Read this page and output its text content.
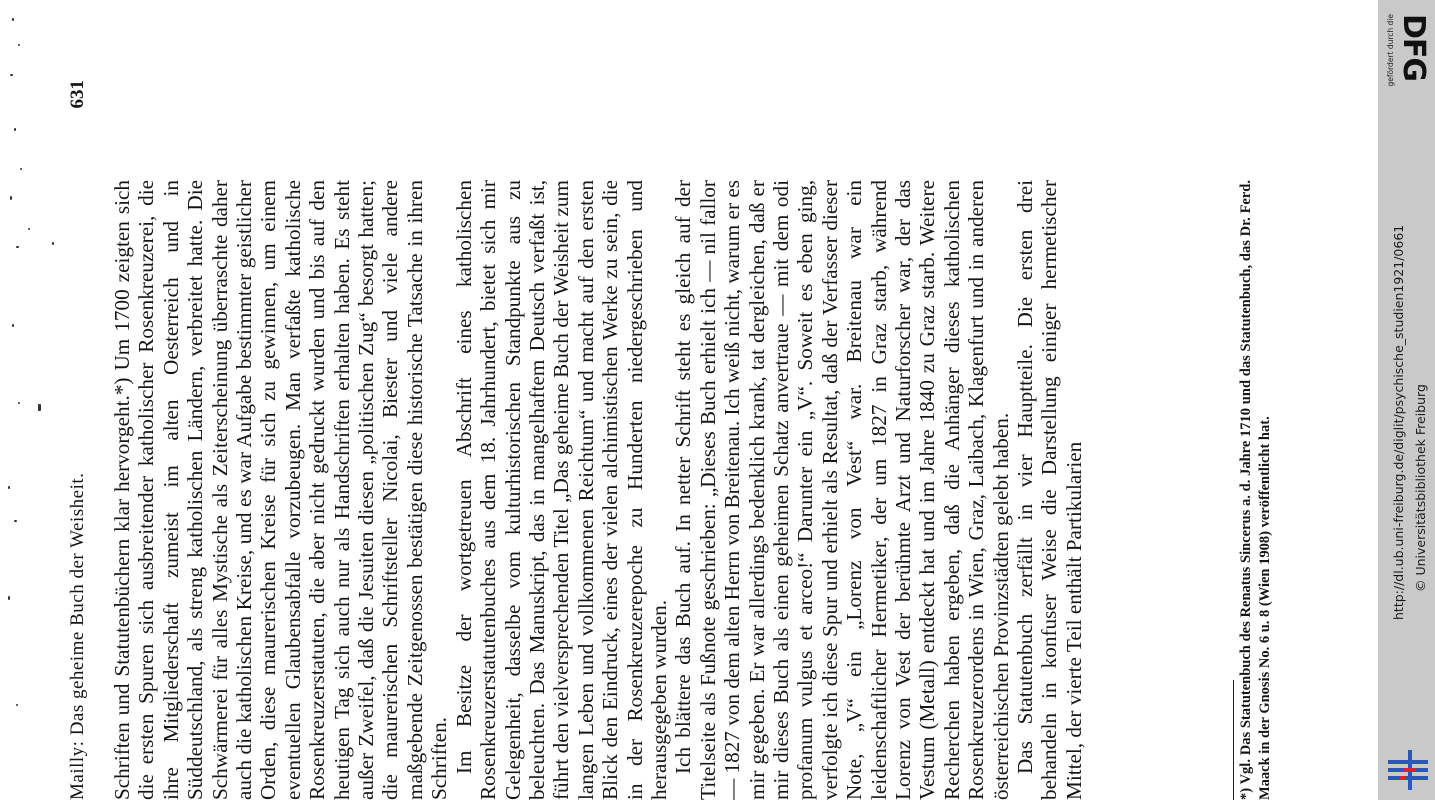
Mailly: Das geheime Buch der Weisheit.
631

Schriften und Statutenbüchern klar hervorgeht.*) Um 1700 zeigten sich die ersten Spuren sich ausbreitender katholischer Rosenkreuzerei, die ihre Mitgliederschaft zumeist im alten Oesterreich und in Süddeutschland, als streng katholischen Ländern, verbreitet hatte. Die Schwärmerei für alles Mystische als Zeiterscheinung überraschte daher auch die katholischen Kreise, und es war Aufgabe bestimmter geistlicher Orden, diese maurerischen Kreise für sich zu gewinnen, um einem eventuellen Glaubensabfalle vorzubeugen. Man verfaßte katholische Rosenkreuzerstatuten, die aber nicht gedruckt wurden und bis auf den heutigen Tag sich auch nur als Handschriften erhalten haben. Es steht außer Zweifel, daß die Jesuiten diesen „politischen Zug“ besorgt hatten; die maurerischen Schriftsteller Nicolai, Biester und viele andere maßgebende Zeitgenossen bestätigen diese historische Tatsache in ihren Schriften. Im Besitze der wortgetreuen Abschrift eines katholischen Rosenkreuzerstatutenbuches aus dem 18. Jahrhundert, bietet sich mir Gelegenheit, dasselbe vom kulturhistorischen Standpunkte aus zu beleuchten. Das Manuskript, das in mangelhaftem Deutsch verfaßt ist, führt den vielversprechenden Titel „Das geheime Buch der Weisheit zum langen Leben und vollkommenen Reichtum“ und macht auf den ersten Blick den Eindruck, eines der vielen alchimistischen Werke zu sein, die in der Rosenkreuzerepoche zu Hunderten niedergeschrieben und herausgegeben wurden. Ich blättere das Buch auf. In netter Schrift steht es gleich auf der Titelseite als Fußnote geschrieben: „Dieses Buch erhielt ich — nil fallor — 1827 von dem alten Herrn von Breitenau. Ich weiß nicht, warum er es mir gegeben. Er war allerdings bedenklich krank, tat dergleichen, daß er mir dieses Buch als einen geheimen Schatz anvertraue — mit dem odi profanum vulgus et arceo!“ Darunter ein „V“. Soweit es eben ging, verfolgte ich diese Spur und erhielt als Resultat, daß der Verfasser dieser Note, „V“ ein „Lorenz von Vest“ war. Breitenau war ein leidenschaftlicher Hermetiker, der um 1827 in Graz starb, während Lorenz von Vest der berühmte Arzt und Naturforscher war, der das Vestum (Metall) entdeckt hat und im Jahre 1840 zu Graz starb. Weitere Recherchen haben ergeben, daß die Anhänger dieses katholischen Rosenkreuzerordens in Wien, Graz, Laibach, Klagenfurt und in anderen österreichischen Provinzstädten gelebt haben. Das Statutenbuch zerfällt in vier Hauptteile. Die ersten drei behandeln in konfuser Weise die Darstellung einiger hermetischer Mittel, der vierte Teil enthält Partikularien	*) Vgl. Das Statutenbuch des Renatus Sincerus a. d. Jahre 1710 und das Statutenbuch, das Dr. Ferd. Maack in der Gnosis No. 6 u. 8 (Wien 1908) veröffentlicht hat.
gefördert durch die DFG
http://dl.ub.uni-freiburg.de/diglit/psychische_studien1921/0661 © Universitätsbibliothek Freiburg
